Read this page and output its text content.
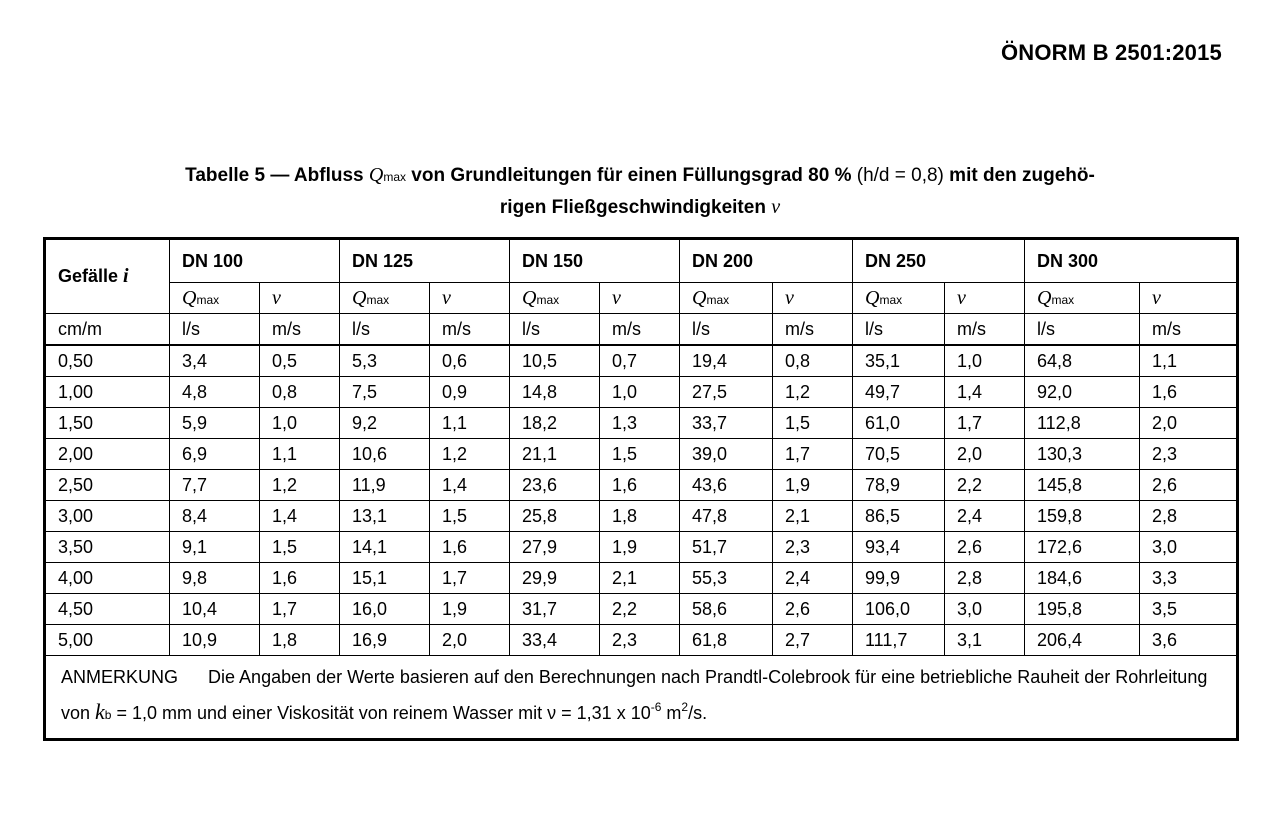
ÖNORM B 2501:2015
Tabelle 5 — Abfluss Qmax von Grundleitungen für einen Füllungsgrad 80 % (h/d = 0,8) mit den zugehö-
rigen Fließgeschwindigkeiten v
Gefälle i	DN 100		DN 125		DN 150		DN 200		DN 250		DN 300	
	Qmax	v	Qmax	v	Qmax	v	Qmax	v	Qmax	v	Qmax	v
cm/m	l/s	m/s	l/s	m/s	l/s	m/s	l/s	m/s	l/s	m/s	l/s	m/s
0,50	3,4	0,5	5,3	0,6	10,5	0,7	19,4	0,8	35,1	1,0	64,8	1,1
1,00	4,8	0,8	7,5	0,9	14,8	1,0	27,5	1,2	49,7	1,4	92,0	1,6
1,50	5,9	1,0	9,2	1,1	18,2	1,3	33,7	1,5	61,0	1,7	112,8	2,0
2,00	6,9	1,1	10,6	1,2	21,1	1,5	39,0	1,7	70,5	2,0	130,3	2,3
2,50	7,7	1,2	11,9	1,4	23,6	1,6	43,6	1,9	78,9	2,2	145,8	2,6
3,00	8,4	1,4	13,1	1,5	25,8	1,8	47,8	2,1	86,5	2,4	159,8	2,8
3,50	9,1	1,5	14,1	1,6	27,9	1,9	51,7	2,3	93,4	2,6	172,6	3,0
4,00	9,8	1,6	15,1	1,7	29,9	2,1	55,3	2,4	99,9	2,8	184,6	3,3
4,50	10,4	1,7	16,0	1,9	31,7	2,2	58,6	2,6	106,0	3,0	195,8	3,5
5,00	10,9	1,8	16,9	2,0	33,4	2,3	61,8	2,7	111,7	3,1	206,4	3,6
ANMERKUNG Die Angaben der Werte basieren auf den Berechnungen nach Prandtl-Colebrook für eine betriebliche Rauheit der Rohrleitung von kb = 1,0 mm und einer Viskosität von reinem Wasser mit ν = 1,31 x $10^{-6}$ $m^2/s$.												
